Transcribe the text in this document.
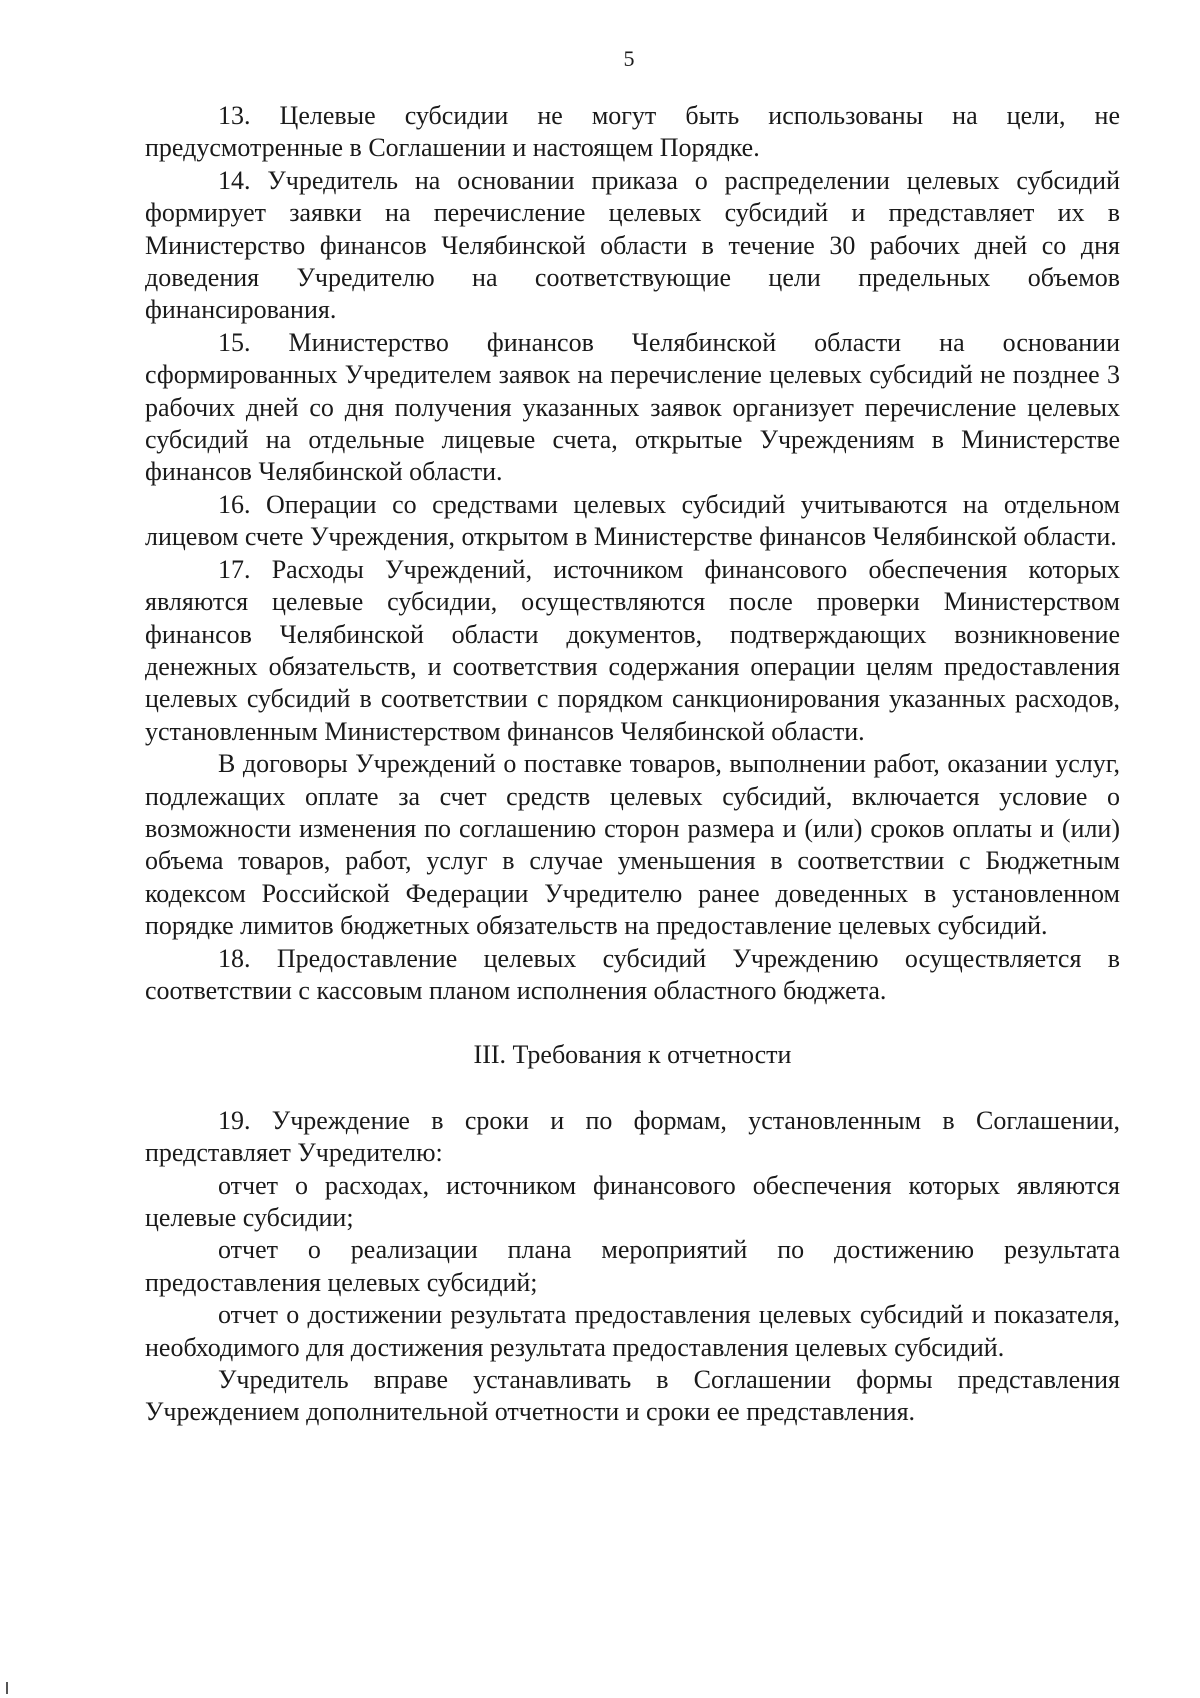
5

13. Целевые субсидии не могут быть использованы на цели, не предусмотренные в Соглашении и настоящем Порядке.

14. Учредитель на основании приказа о распределении целевых субсидий формирует заявки на перечисление целевых субсидий и представляет их в Министерство финансов Челябинской области в течение 30 рабочих дней со дня доведения Учредителю на соответствующие цели предельных объемов финансирования.

15. Министерство финансов Челябинской области на основании сформированных Учредителем заявок на перечисление целевых субсидий не позднее 3 рабочих дней со дня получения указанных заявок организует перечисление целевых субсидий на отдельные лицевые счета, открытые Учреждениям в Министерстве финансов Челябинской области.

16. Операции со средствами целевых субсидий учитываются на отдельном лицевом счете Учреждения, открытом в Министерстве финансов Челябинской области.

17. Расходы Учреждений, источником финансового обеспечения которых являются целевые субсидии, осуществляются после проверки Министерством финансов Челябинской области документов, подтверждающих возникновение денежных обязательств, и соответствия содержания операции целям предоставления целевых субсидий в соответствии с порядком санкционирования указанных расходов, установленным Министерством финансов Челябинской области.

В договоры Учреждений о поставке товаров, выполнении работ, оказании услуг, подлежащих оплате за счет средств целевых субсидий, включается условие о возможности изменения по соглашению сторон размера и (или) сроков оплаты и (или) объема товаров, работ, услуг в случае уменьшения в соответствии с Бюджетным кодексом Российской Федерации Учредителю ранее доведенных в установленном порядке лимитов бюджетных обязательств на предоставление целевых субсидий.

18. Предоставление целевых субсидий Учреждению осуществляется в соответствии с кассовым планом исполнения областного бюджета.

III. Требования к отчетности

19. Учреждение в сроки и по формам, установленным в Соглашении, представляет Учредителю:

отчет о расходах, источником финансового обеспечения которых являются целевые субсидии;

отчет о реализации плана мероприятий по достижению результата предоставления целевых субсидий;

отчет о достижении результата предоставления целевых субсидий и показателя, необходимого для достижения результата предоставления целевых субсидий.

Учредитель вправе устанавливать в Соглашении формы представления Учреждением дополнительной отчетности и сроки ее представления.
